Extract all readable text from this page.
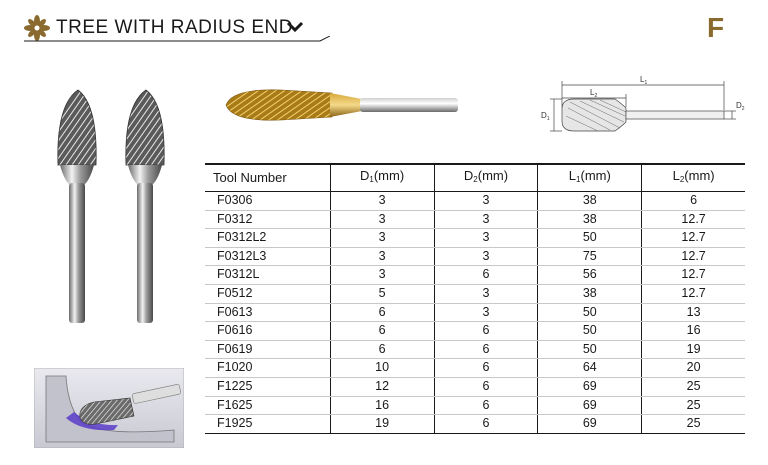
TREE WITH RADIUS END	F
$L_1$
$L_2$
$D_1$
$D_2$
Tool Number	$D_1(mm)$	$D_2(mm)$	$L_1(mm)$	$L_2(mm)$
F0306	3	3	38	6
F0312	3	3	38	12.7
F0312L2	3	3	50	12.7
F0312L3	3	3	75	12.7
F0312L	3	6	56	12.7
F0512	5	3	38	12.7
F0613	6	3	50	13
F0616	6	6	50	16
F0619	6	6	50	19
F1020	10	6	64	20
F1225	12	6	69	25
F1625	16	6	69	25
F1925	19	6	69	25
